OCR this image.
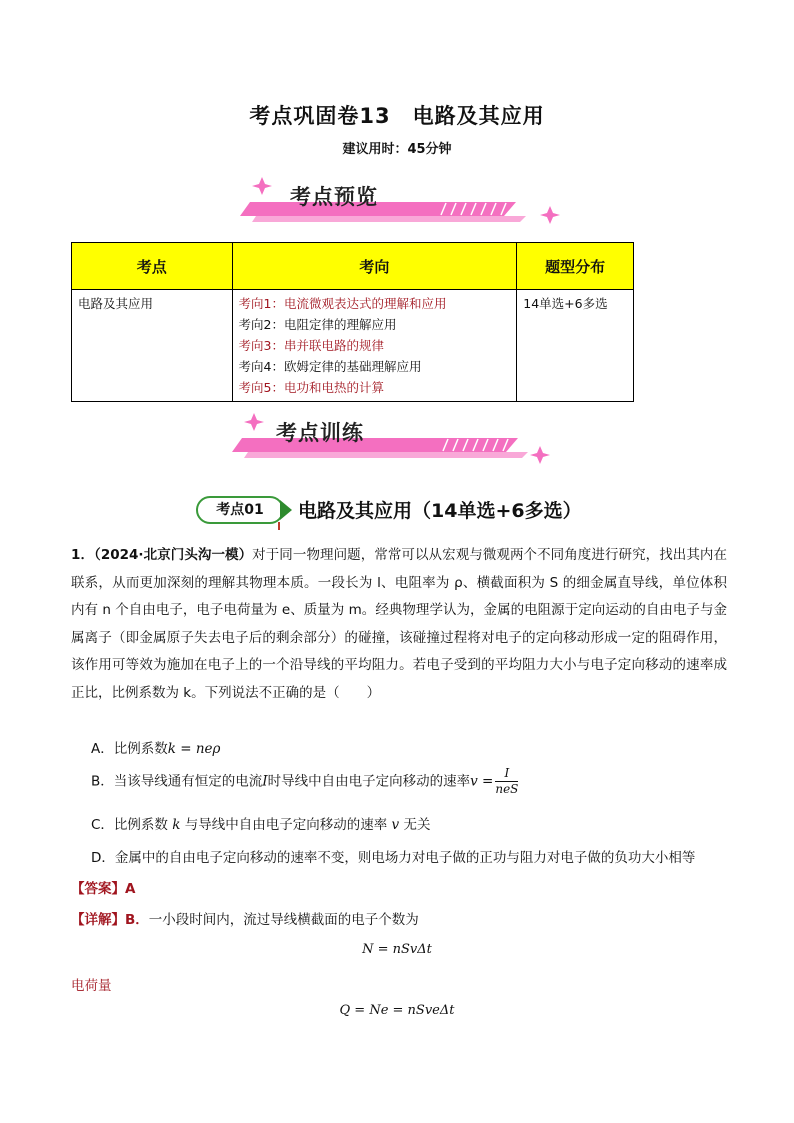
考点巩固卷13　电路及其应用
建议用时：45分钟
考点预览
考点	考向	题型分布
电路及其应用	考向1：电流微观表达式的理解和应用
考向2：电阻定律的理解应用
考向3：串并联电路的规律
考向4：欧姆定律的基础理解应用
考向5：电功和电热的计算	14单选+6多选
考点训练
考点01	电路及其应用（14单选+6多选）
1．（2024·北京门头沟一模）对于同一物理问题，常常可以从宏观与微观两个不同角度进行研究，找出其内在联系，从而更加深刻的理解其物理本质。一段长为 l、电阻率为 ρ、横截面积为 S 的细金属直导线，单位体积内有 n 个自由电子，电子电荷量为 e、质量为 m。经典物理学认为，金属的电阻源于定向运动的自由电子与金属离子（即金属原子失去电子后的剩余部分）的碰撞，该碰撞过程将对电子的定向移动形成一定的阻碍作用，该作用可等效为施加在电子上的一个沿导线的平均阻力。若电子受到的平均阻力大小与电子定向移动的速率成正比，比例系数为 k。下列说法不正确的是（　　）
A．比例系数k = neρ
B．当该导线通有恒定的电流I时导线中自由电子定向移动的速率$v = \frac{I}{\text{neS}}$
C．比例系数 k 与导线中自由电子定向移动的速率 v 无关
D．金属中的自由电子定向移动的速率不变，则电场力对电子做的正功与阻力对电子做的负功大小相等
【答案】A
【详解】B．一小段时间内，流过导线横截面的电子个数为
N = nSvΔt
电荷量
Q = Ne = nSveΔt
